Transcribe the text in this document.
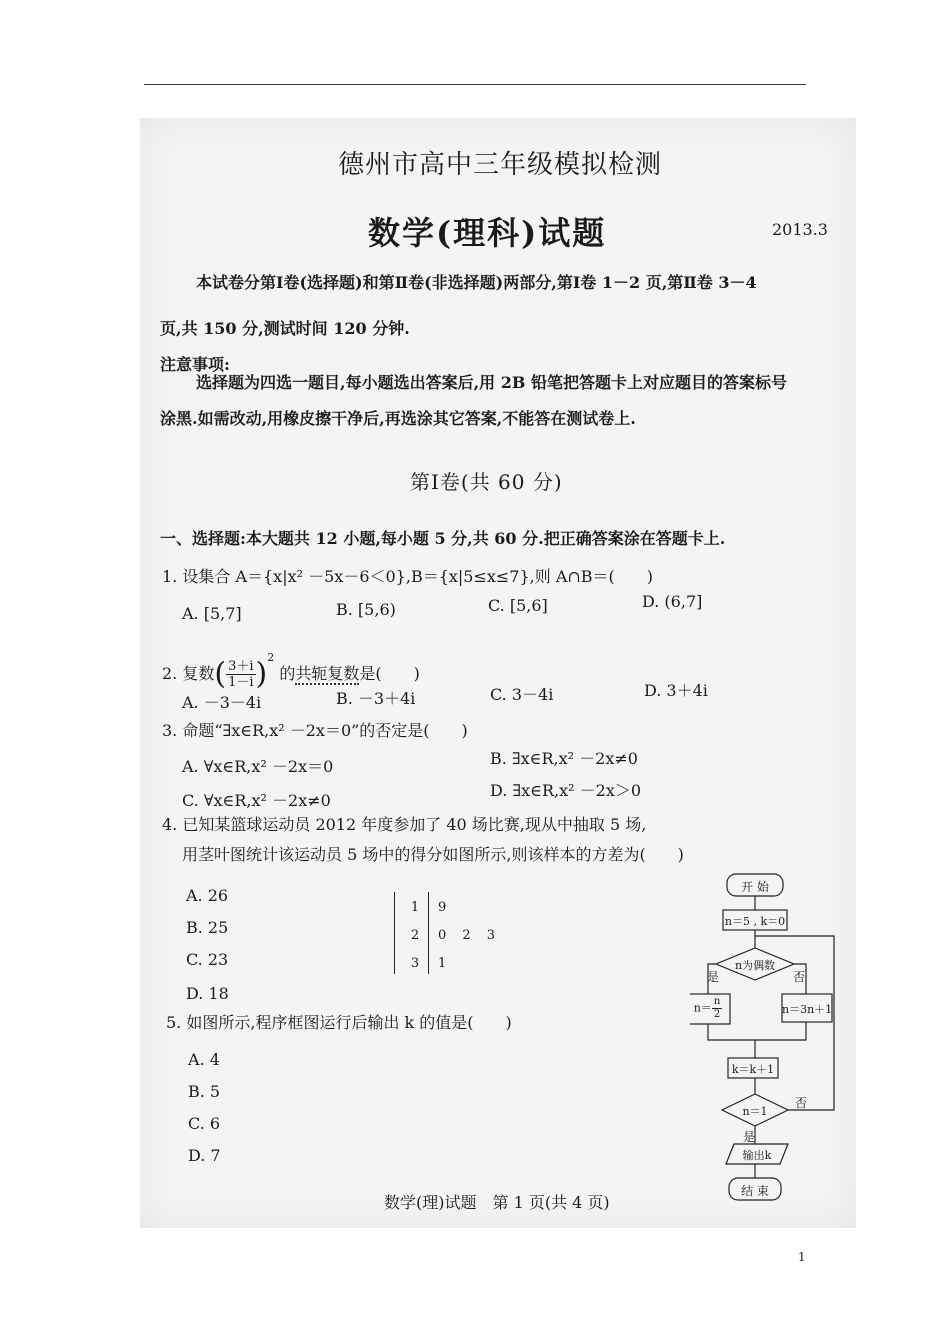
德州市高中三年级模拟检测
数学(理科)试题	2013.3
本试卷分第Ⅰ卷(选择题)和第Ⅱ卷(非选择题)两部分,第Ⅰ卷 1－2 页,第Ⅱ卷 3－4
页,共 150 分,测试时间 120 分钟.
注意事项:
选择题为四选一题目,每小题选出答案后,用 2B 铅笔把答题卡上对应题目的答案标号
涂黑.如需改动,用橡皮擦干净后,再选涂其它答案,不能答在测试卷上.
第Ⅰ卷(共 60 分)
一、选择题:本大题共 12 小题,每小题 5 分,共 60 分.把正确答案涂在答题卡上.
1. 设集合 A＝{x|x² －5x－6＜0},B＝{x|5≤x≤7},则 A∩B＝(　　)
A. [5,7]	B. [5,6)	C. [5,6]	D. (6,7]
2. 复数( $\frac{3+i}{1-i} )^2$ 的共轭复数是(　　)
A. －3－4i	B. －3＋4i	C. 3－4i	D. 3＋4i
3. 命题“∃x∈R,x² －2x＝0”的否定是(　　)
A. ∀x∈R,x² －2x＝0	B. ∃x∈R,x² －2x≠0
C. ∀x∈R,x² －2x≠0
D. ∃x∈R,x² －2x＞0
4. 已知某篮球运动员 2012 年度参加了 40 场比赛,现从中抽取 5 场,
用茎叶图统计该运动员 5 场中的得分如图所示,则该样本的方差为(　　)
A. 26
B. 25
C. 23
D. 18
1	9
2	0 2 3
3	1
5. 如图所示,程序框图运行后输出 k 的值是(　　)
A. 4
B. 5
C. 6
D. 7
开 始
n＝5 , k＝0
n为偶数
是	否
$n= \frac{n}{2}$	n＝3n＋1
k＝k＋1
n＝1
否
是
输出k
结 束
数学(理)试题　第 1 页(共 4 页)
1
